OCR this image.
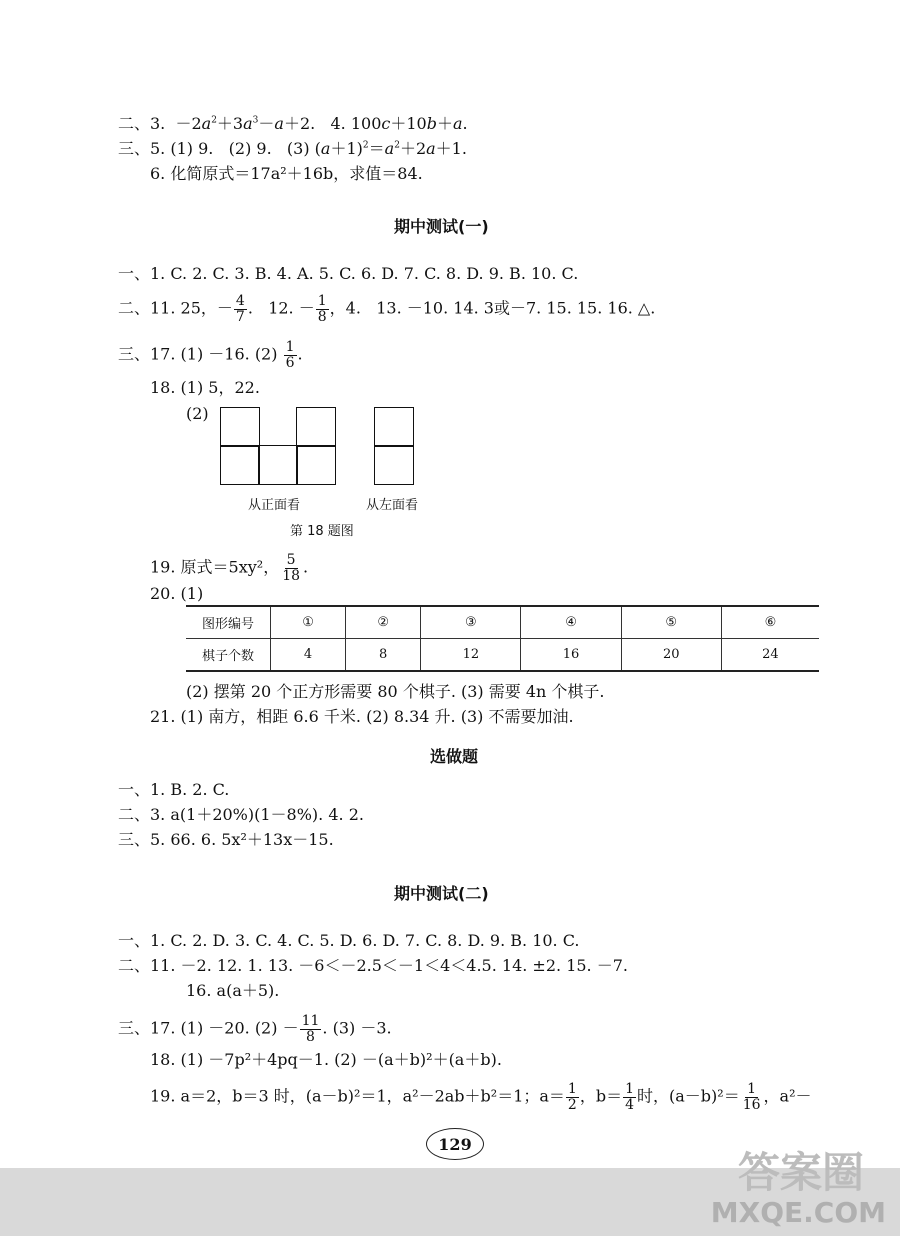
二、3.  $-2a^2+3a^3-a+2$.   4. 100c＋10b＋a.
三、5. (1) 9. (2) 9.   (3) $(a+1)^2=a^2+2a+1$.
6. 化简原式＝17a²＋16b，求值＝84.
期中测试(一)
一、1. C. 2. C. 3. B. 4. A. 5. C. 6. D. 7. C. 8. D. 9. B. 10. C.
二、11. 25，－ $\frac{4}{7}$ .   12. － $\frac{1}{8}$ ，4. 13. －10. 14. 3或－7. 15. 15. 16. △.
三、17. (1) －16. $(2) \frac{1}{6}$ .
18. (1) 5，22.
(2)
从正面看	从左面看
第 18 题图
19. 原式＝5xy²， $\frac{5}{18}$ .
20. (1)
图形编号	①	②	③	④	⑤	⑥
棋子个数	4	8	12	16	20	24
(2) 摆第 20 个正方形需要 80 个棋子. (3) 需要 4n 个棋子.
21. (1) 南方，相距 6.6 千米. (2) 8.34 升. (3) 不需要加油.
选做题
一、1. B. 2. C.
二、3. a(1＋20%)(1－8%). 4. 2.
三、5. 66. 6. 5x²＋13x－15.
期中测试(二)
一、1. C. 2. D. 3. C. 4. C. 5. D. 6. D. 7. C. 8. D. 9. B. 10. C.
二、11. －2. 12. 1. 13. －6＜－2.5＜－1＜4＜4.5. 14. ±2. 15. －7.
16. a(a＋5).
三、17. (1) －20. $(2) - \frac{11}{8}$ . (3) －3.
18. (1) －7p²＋4pq－1. (2) －(a＋b)²＋(a＋b).
19. a＝2，b＝3 时，(a－b)²＝1，a²－2ab＋b²＝1；$a= \frac{1}{2}$ ，$b= \frac{1}{4}$ 时，$(a-b)^2= \frac{1}{16}$ ，a²－
129
答案圈
MXQE.COM
